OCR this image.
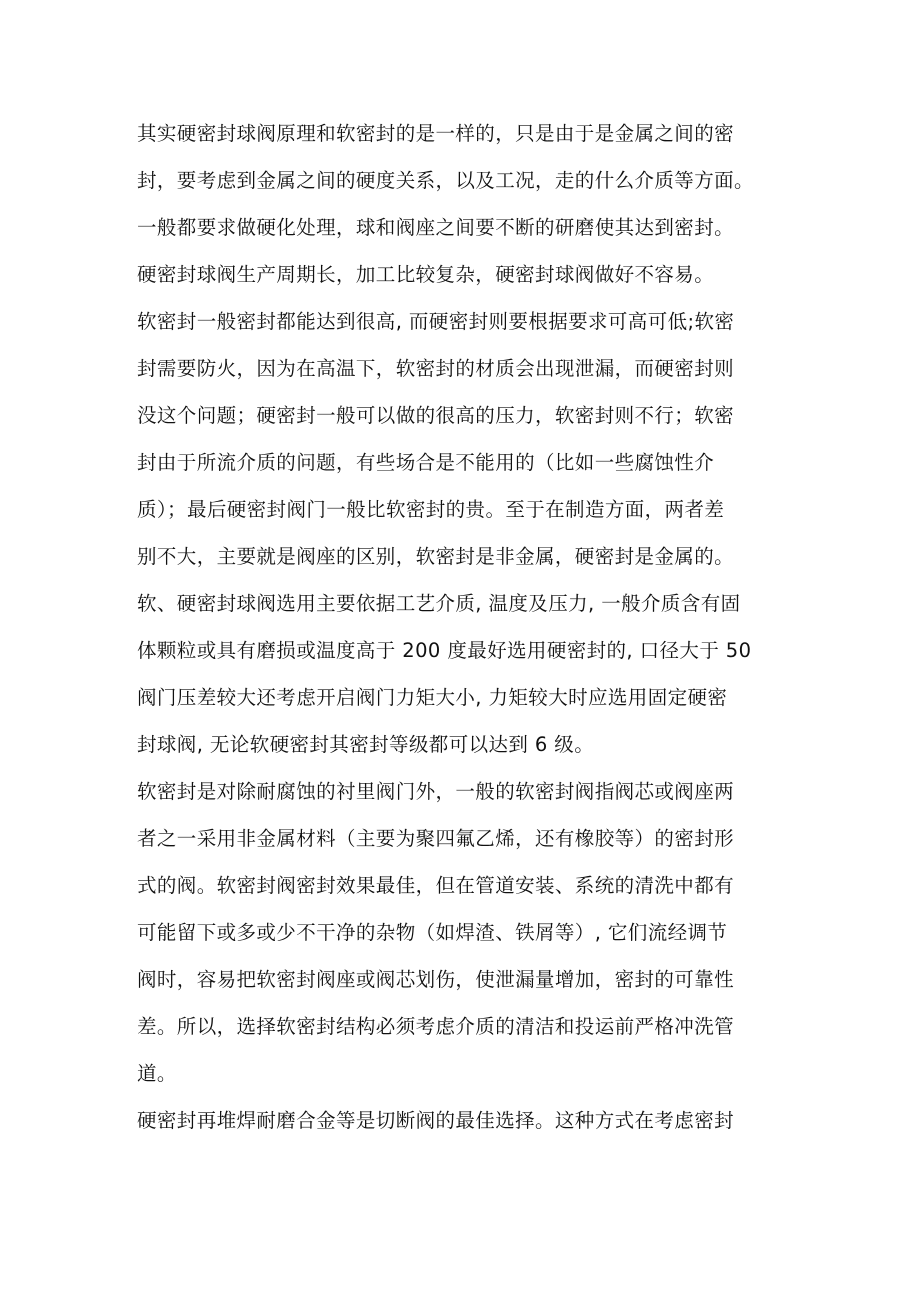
其实硬密封球阀原理和软密封的是一样的，只是由于是金属之间的密
封，要考虑到金属之间的硬度关系，以及工况，走的什么介质等方面。
一般都要求做硬化处理，球和阀座之间要不断的研磨使其达到密封。
硬密封球阀生产周期长，加工比较复杂，硬密封球阀做好不容易。
软密封一般密封都能达到很高, 而硬密封则要根据要求可高可低;软密
封需要防火，因为在高温下，软密封的材质会出现泄漏，而硬密封则
没这个问题；硬密封一般可以做的很高的压力，软密封则不行；软密
封由于所流介质的问题，有些场合是不能用的（比如一些腐蚀性介
质）；最后硬密封阀门一般比软密封的贵。至于在制造方面，两者差
别不大，主要就是阀座的区别，软密封是非金属，硬密封是金属的。
软、硬密封球阀选用主要依据工艺介质, 温度及压力, 一般介质含有固
体颗粒或具有磨损或温度高于 200 度最好选用硬密封的, 口径大于 50
阀门压差较大还考虑开启阀门力矩大小, 力矩较大时应选用固定硬密
封球阀, 无论软硬密封其密封等级都可以达到 6 级。
软密封是对除耐腐蚀的衬里阀门外，一般的软密封阀指阀芯或阀座两
者之一采用非金属材料（主要为聚四氟乙烯，还有橡胶等）的密封形
式的阀。软密封阀密封效果最佳，但在管道安装、系统的清洗中都有
可能留下或多或少不干净的杂物（如焊渣、铁屑等）, 它们流经调节
阀时，容易把软密封阀座或阀芯划伤，使泄漏量增加，密封的可靠性
差。所以，选择软密封结构必须考虑介质的清洁和投运前严格冲洗管
道。
硬密封再堆焊耐磨合金等是切断阀的最佳选择。这种方式在考虑密封
